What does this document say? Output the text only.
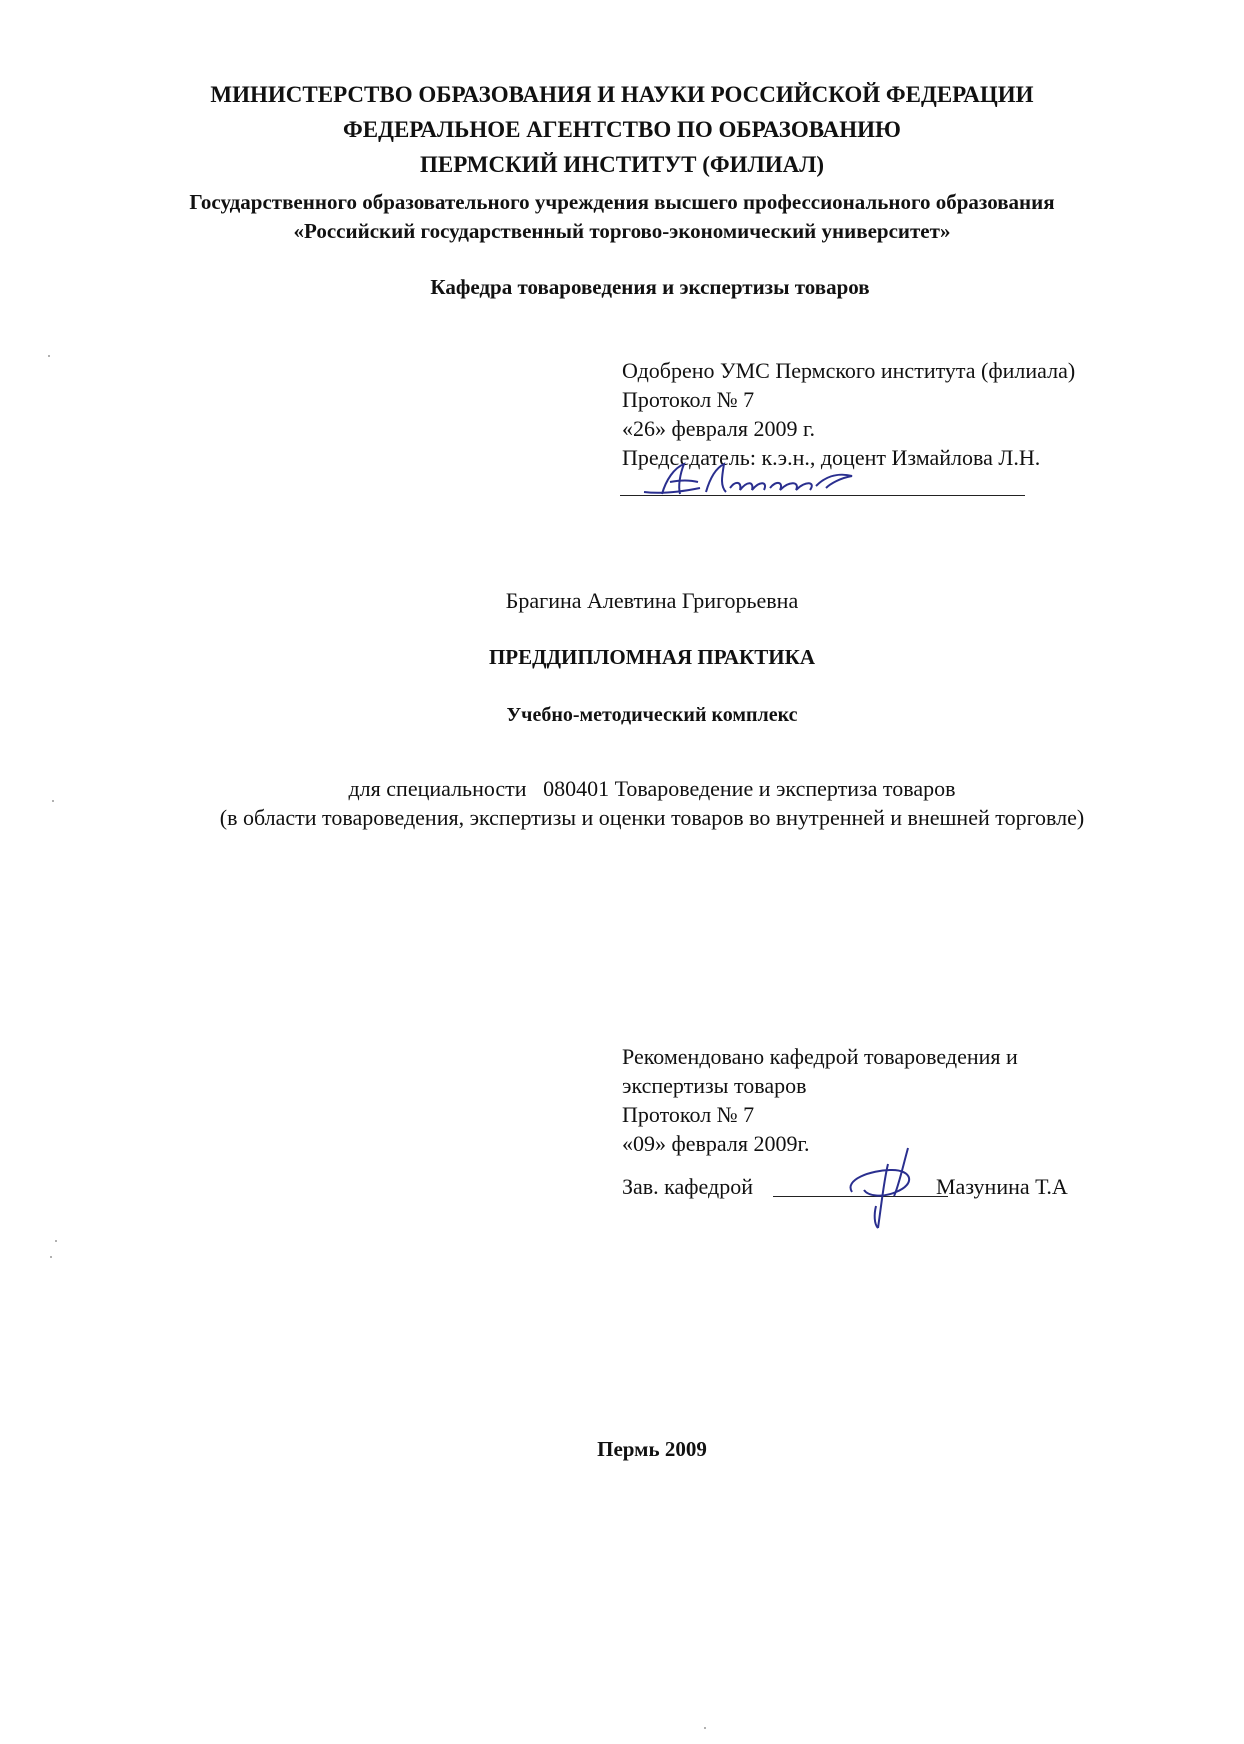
МИНИСТЕРСТВО ОБРАЗОВАНИЯ И НАУКИ РОССИЙСКОЙ ФЕДЕРАЦИИ
ФЕДЕРАЛЬНОЕ АГЕНТСТВО ПО ОБРАЗОВАНИЮ
ПЕРМСКИЙ ИНСТИТУТ (ФИЛИАЛ)
Государственного образовательного учреждения высшего профессионального образования
«Российский государственный торгово-экономический университет»
Кафедра товароведения и экспертизы товаров
Одобрено УМС Пермского института (филиала)
Протокол № 7
«26» февраля 2009 г.
Председатель: к.э.н., доцент Измайлова Л.Н.
Брагина Алевтина Григорьевна
ПРЕДДИПЛОМНАЯ ПРАКТИКА
Учебно-методический комплекс
для специальности   080401 Товароведение и экспертиза товаров
(в области товароведения, экспертизы и оценки товаров во внутренней и внешней торговле)
Рекомендовано кафедрой товароведения и
экспертизы товаров
Протокол № 7
«09» февраля 2009г.
Зав. кафедрой	Мазунина Т.А
Пермь 2009
